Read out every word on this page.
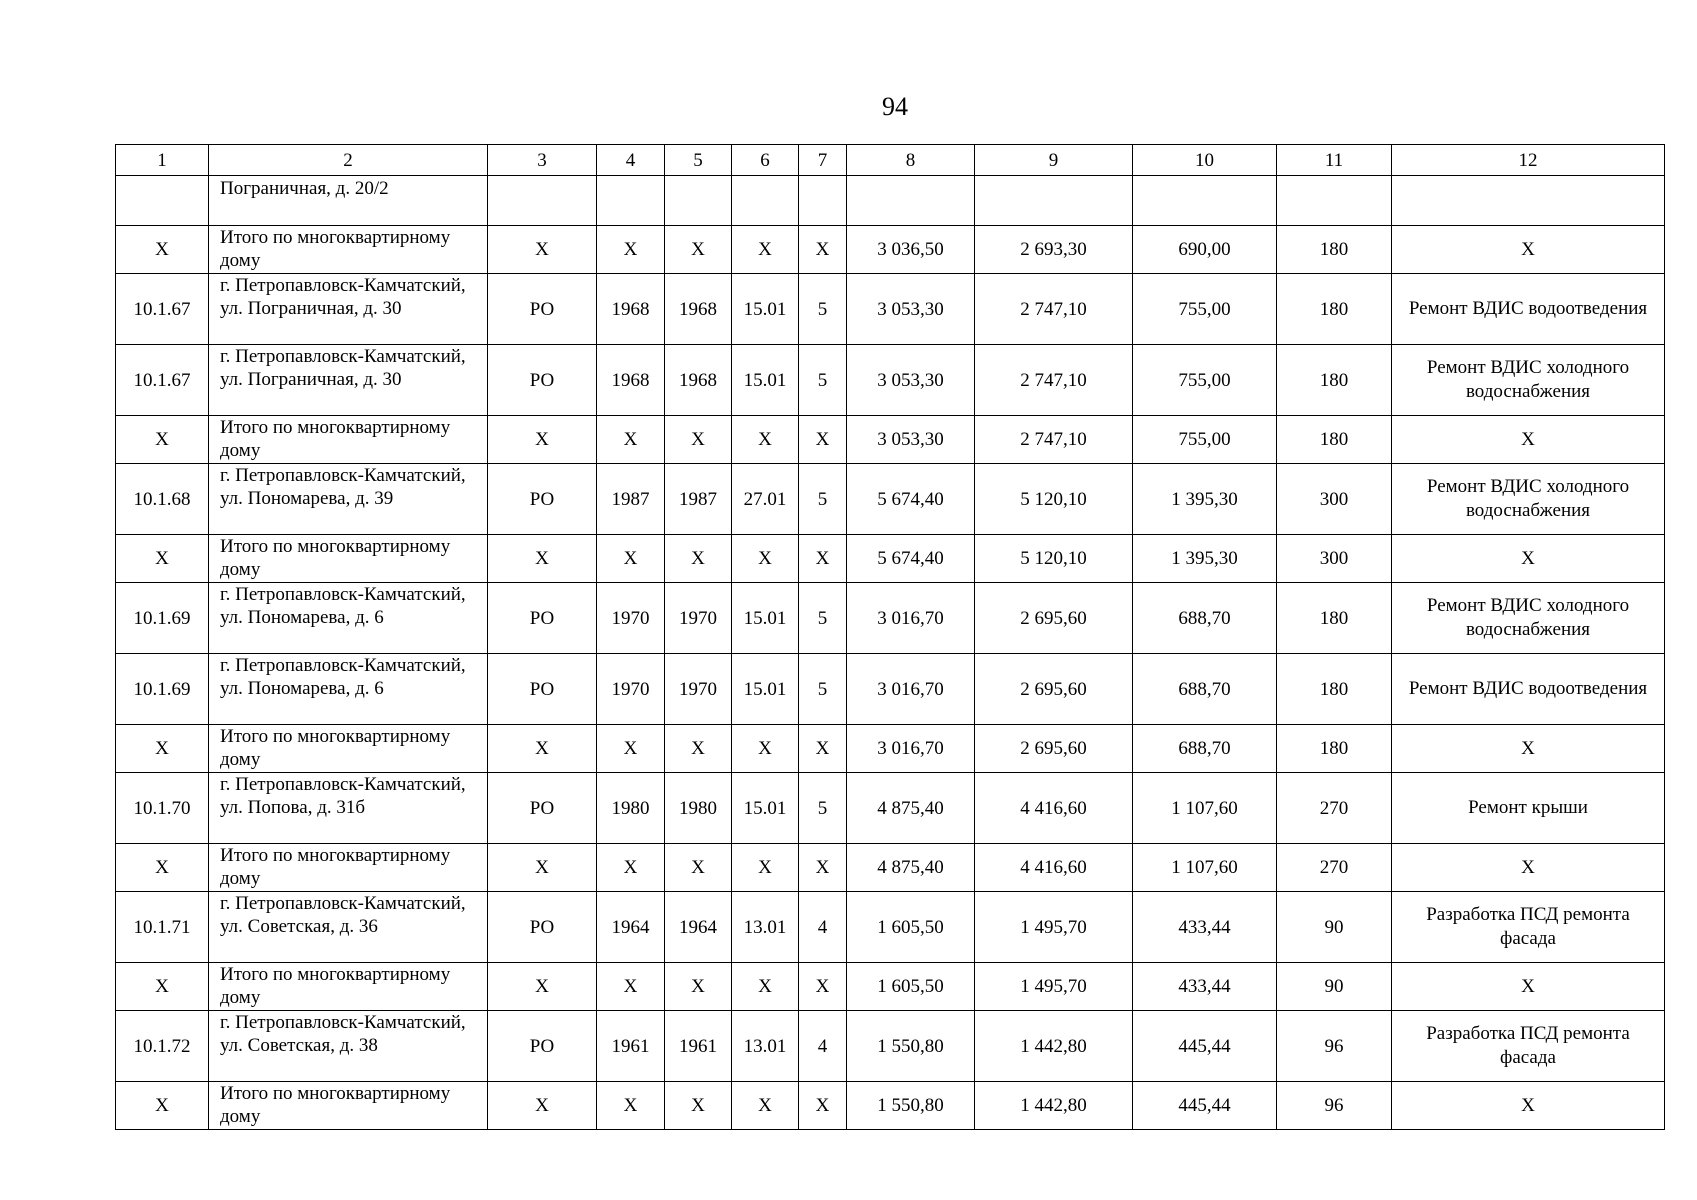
94
1	2	3	4	5	6	7	8	9	10	11	12
	Пограничная, д. 20/2										
Х	Итого по многоквартирному дому	Х	Х	Х	Х	Х	3 036,50	2 693,30	690,00	180	Х
10.1.67	г. Петропавловск-Камчатский, ул. Пограничная, д. 30	РО	1968	1968	15.01	5	3 053,30	2 747,10	755,00	180	Ремонт ВДИС водоотведения
10.1.67	г. Петропавловск-Камчатский, ул. Пограничная, д. 30	РО	1968	1968	15.01	5	3 053,30	2 747,10	755,00	180	Ремонт ВДИС холодного водоснабжения
Х	Итого по многоквартирному дому	Х	Х	Х	Х	Х	3 053,30	2 747,10	755,00	180	Х
10.1.68	г. Петропавловск-Камчатский, ул. Пономарева, д. 39	РО	1987	1987	27.01	5	5 674,40	5 120,10	1 395,30	300	Ремонт ВДИС холодного водоснабжения
Х	Итого по многоквартирному дому	Х	Х	Х	Х	Х	5 674,40	5 120,10	1 395,30	300	Х
10.1.69	г. Петропавловск-Камчатский, ул. Пономарева, д. 6	РО	1970	1970	15.01	5	3 016,70	2 695,60	688,70	180	Ремонт ВДИС холодного водоснабжения
10.1.69	г. Петропавловск-Камчатский, ул. Пономарева, д. 6	РО	1970	1970	15.01	5	3 016,70	2 695,60	688,70	180	Ремонт ВДИС водоотведения
Х	Итого по многоквартирному дому	Х	Х	Х	Х	Х	3 016,70	2 695,60	688,70	180	Х
10.1.70	г. Петропавловск-Камчатский, ул. Попова, д. 31б	РО	1980	1980	15.01	5	4 875,40	4 416,60	1 107,60	270	Ремонт крыши
Х	Итого по многоквартирному дому	Х	Х	Х	Х	Х	4 875,40	4 416,60	1 107,60	270	Х
10.1.71	г. Петропавловск-Камчатский, ул. Советская, д. 36	РО	1964	1964	13.01	4	1 605,50	1 495,70	433,44	90	Разработка ПСД ремонта фасада
Х	Итого по многоквартирному дому	Х	Х	Х	Х	Х	1 605,50	1 495,70	433,44	90	Х
10.1.72	г. Петропавловск-Камчатский, ул. Советская, д. 38	РО	1961	1961	13.01	4	1 550,80	1 442,80	445,44	96	Разработка ПСД ремонта фасада
Х	Итого по многоквартирному дому	Х	Х	Х	Х	Х	1 550,80	1 442,80	445,44	96	Х
